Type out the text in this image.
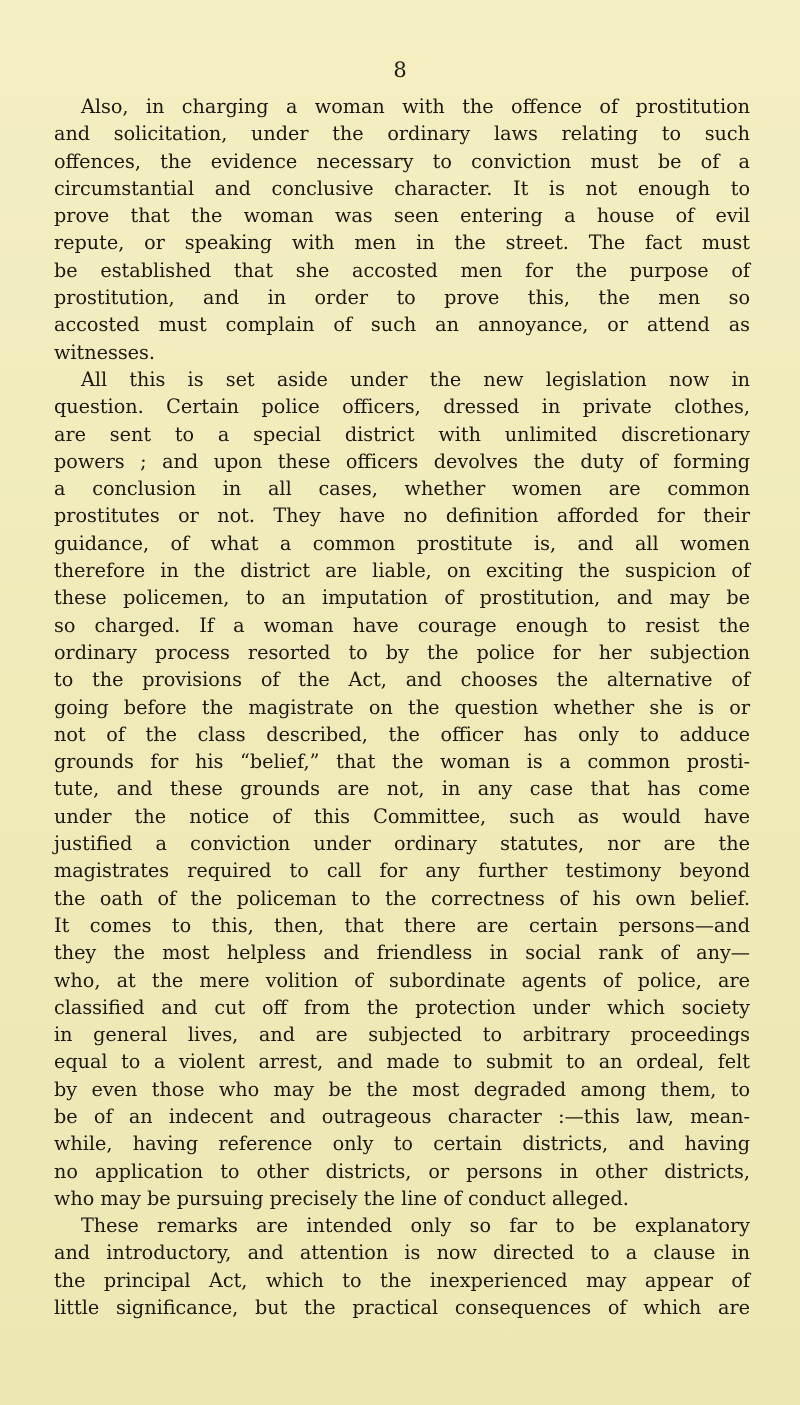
8
Also, in charging a woman with the offence of prostitution
and solicitation, under the ordinary laws relating to such
offences, the evidence necessary to conviction must be of a
circumstantial and conclusive character. It is not enough to
prove that the woman was seen entering a house of evil
repute, or speaking with men in the street. The fact must
be established that she accosted men for the purpose of
prostitution, and in order to prove this, the men so
accosted must complain of such an annoyance, or attend as
witnesses.
All this is set aside under the new legislation now in
question. Certain police officers, dressed in private clothes,
are sent to a special district with unlimited discretionary
powers ; and upon these officers devolves the duty of forming
a conclusion in all cases, whether women are common
prostitutes or not. They have no definition afforded for their
guidance, of what a common prostitute is, and all women
therefore in the district are liable, on exciting the suspicion of
these policemen, to an imputation of prostitution, and may be
so charged. If a woman have courage enough to resist the
ordinary process resorted to by the police for her subjection
to the provisions of the Act, and chooses the alternative of
going before the magistrate on the question whether she is or
not of the class described, the officer has only to adduce
grounds for his “belief,” that the woman is a common prosti-
tute, and these grounds are not, in any case that has come
under the notice of this Committee, such as would have
justified a conviction under ordinary statutes, nor are the
magistrates required to call for any further testimony beyond
the oath of the policeman to the correctness of his own belief.
It comes to this, then, that there are certain persons—and
they the most helpless and friendless in social rank of any—
who, at the mere volition of subordinate agents of police, are
classified and cut off from the protection under which society
in general lives, and are subjected to arbitrary proceedings
equal to a violent arrest, and made to submit to an ordeal, felt
by even those who may be the most degraded among them, to
be of an indecent and outrageous character :—this law, mean-
while, having reference only to certain districts, and having
no application to other districts, or persons in other districts,
who may be pursuing precisely the line of conduct alleged.
These remarks are intended only so far to be explanatory
and introductory, and attention is now directed to a clause in
the principal Act, which to the inexperienced may appear of
little significance, but the practical consequences of which are
